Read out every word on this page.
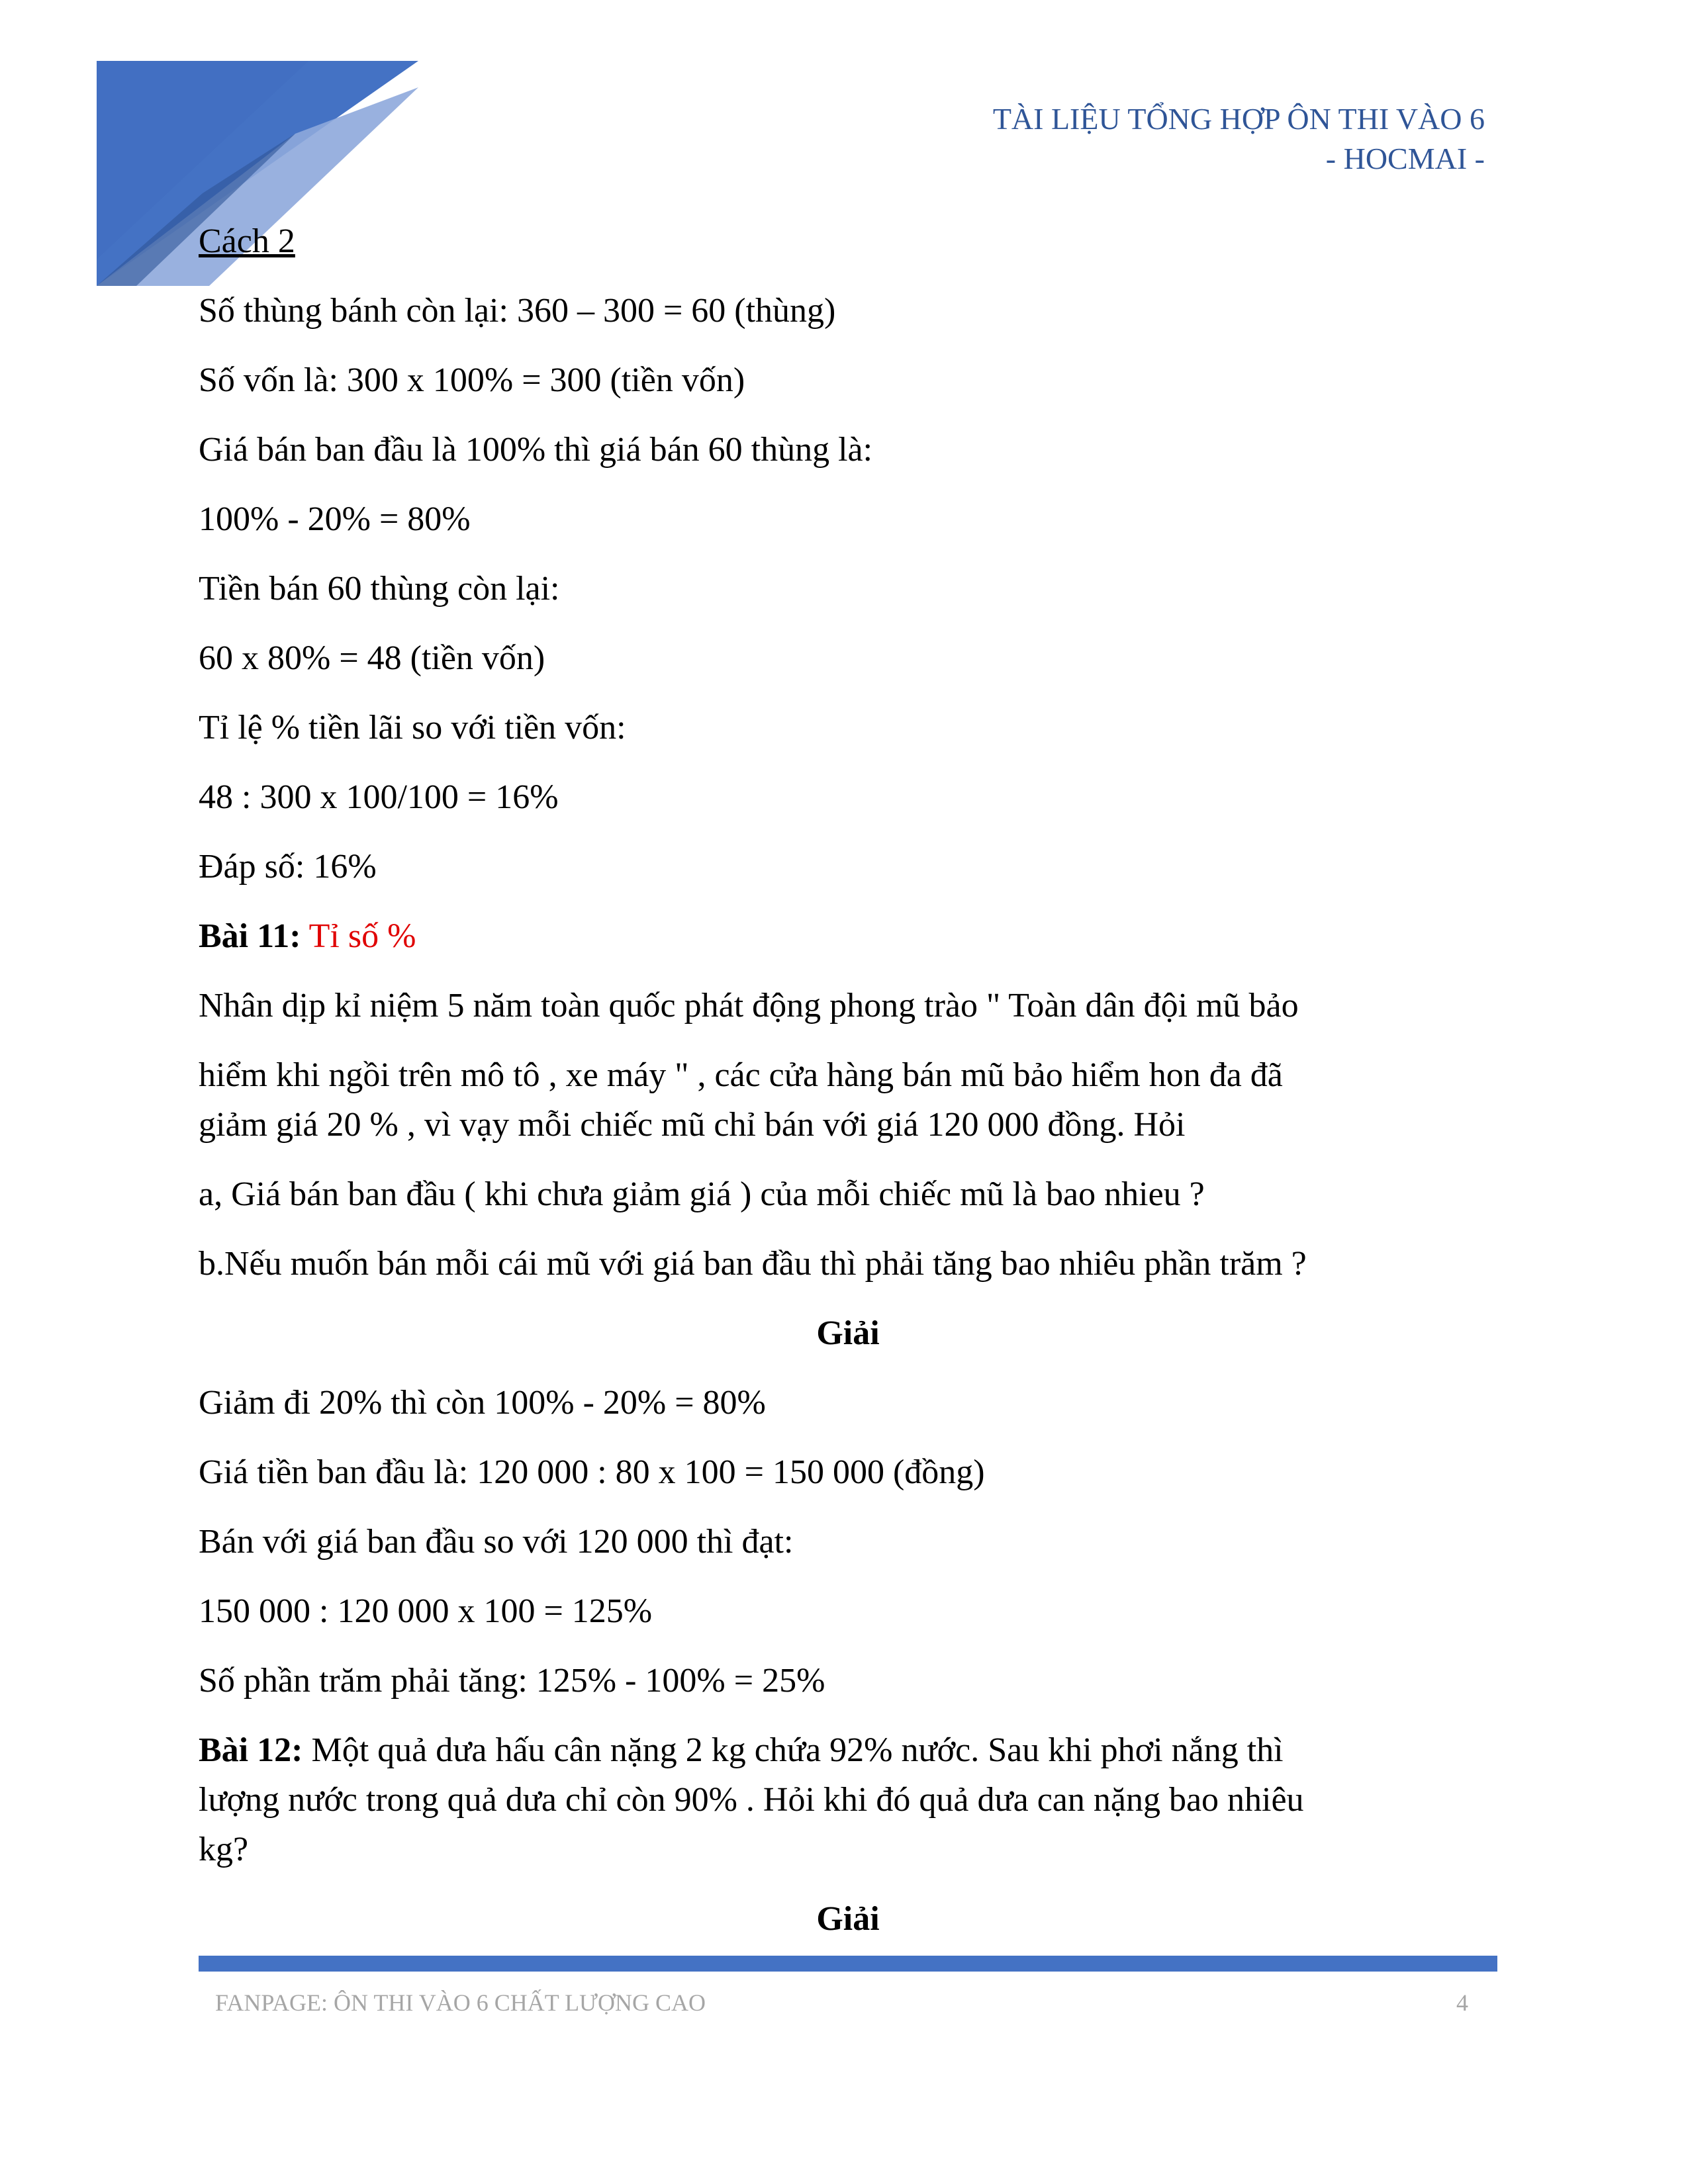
TÀI LIỆU TỔNG HỢP ÔN THI VÀO 6
- HOCMAI -
Cách 2
Số thùng bánh còn lại: 360 – 300 = 60 (thùng)
Số vốn là: 300 x 100% = 300 (tiền vốn)
Giá bán ban đầu là 100% thì giá bán 60 thùng là:
100% - 20% = 80%
Tiền bán 60 thùng còn lại:
60 x 80% = 48 (tiền vốn)
Tỉ lệ % tiền lãi so với tiền vốn:
48 : 300 x 100/100 = 16%
Đáp số: 16%
Bài 11: Tỉ số %
Nhân dịp kỉ niệm 5 năm toàn quốc phát động phong trào " Toàn dân đội mũ bảo
hiểm khi ngồi trên mô tô , xe máy " , các cửa hàng bán mũ bảo hiểm hon đa đã
giảm giá 20 % , vì vạy mỗi chiếc mũ chỉ bán với giá 120 000 đồng. Hỏi
a, Giá bán ban đầu ( khi chưa giảm giá ) của mỗi chiếc mũ là bao nhieu ?
b.Nếu muốn bán mỗi cái mũ với giá ban đầu thì phải tăng bao nhiêu phần trăm ?
Giải
Giảm đi 20% thì còn 100% - 20% = 80%
Giá tiền ban đầu là: 120 000 : 80 x 100 = 150 000 (đồng)
Bán với giá ban đầu so với 120 000 thì đạt:
150 000 : 120 000 x 100 = 125%
Số phần trăm phải tăng: 125% - 100% = 25%
Bài 12: Một quả dưa hấu cân nặng 2 kg chứa 92% nước. Sau khi phơi nắng thì
lượng nước trong quả dưa chỉ còn 90% . Hỏi khi đó quả dưa can nặng bao nhiêu
kg?
Giải
FANPAGE: ÔN THI VÀO 6 CHẤT LƯỢNG CAO	4
